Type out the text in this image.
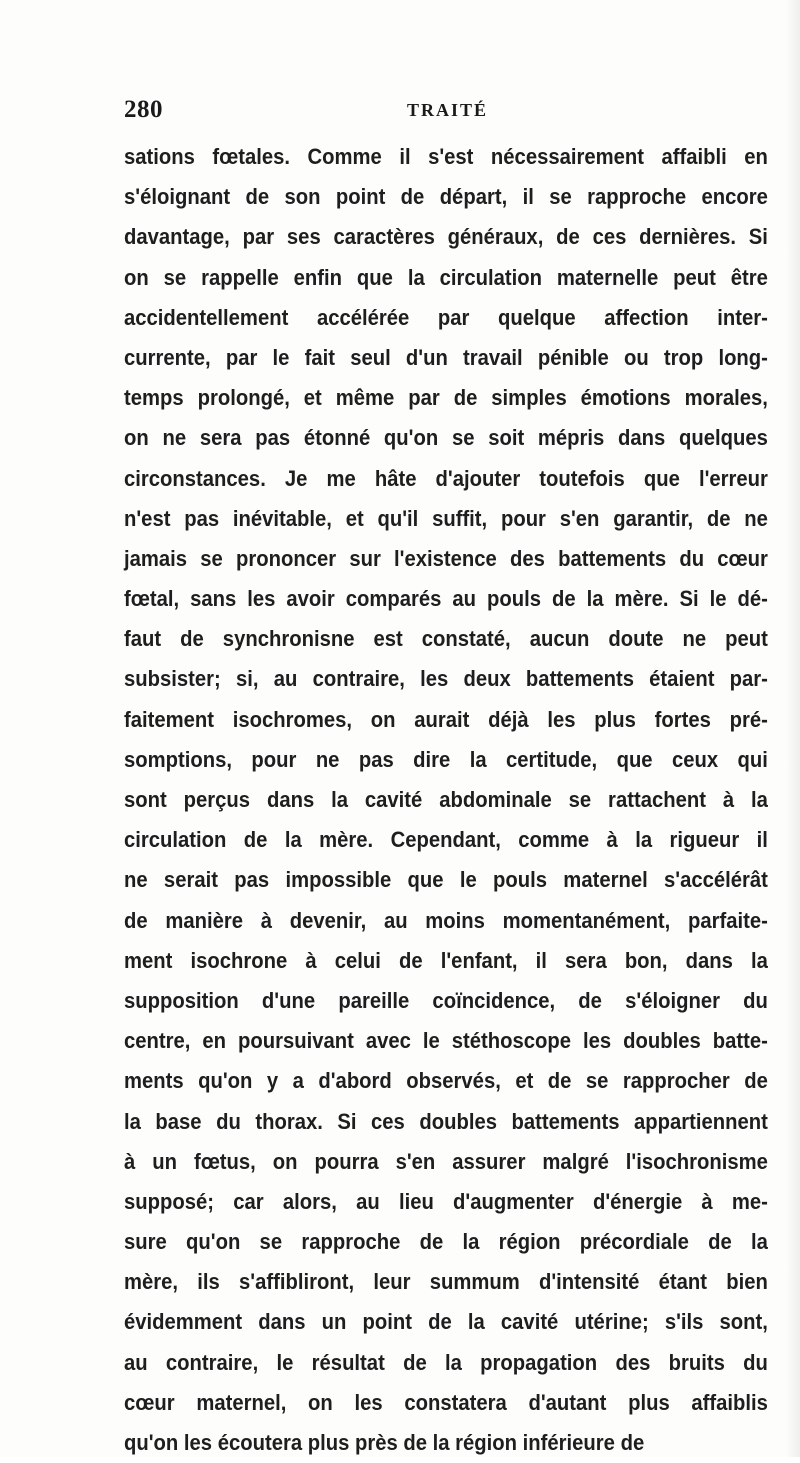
280	TRAITÉ
sations fœtales. Comme il s'est nécessairement affaibli en
s'éloignant de son point de départ, il se rapproche encore
davantage, par ses caractères généraux, de ces dernières. Si
on se rappelle enfin que la circulation maternelle peut être
accidentellement accélérée par quelque affection inter-
currente, par le fait seul d'un travail pénible ou trop long-
temps prolongé, et même par de simples émotions morales,
on ne sera pas étonné qu'on se soit mépris dans quelques
circonstances. Je me hâte d'ajouter toutefois que l'erreur
n'est pas inévitable, et qu'il suffit, pour s'en garantir, de ne
jamais se prononcer sur l'existence des battements du cœur
fœtal, sans les avoir comparés au pouls de la mère. Si le dé-
faut de synchronisne est constaté, aucun doute ne peut
subsister; si, au contraire, les deux battements étaient par-
faitement isochromes, on aurait déjà les plus fortes pré-
somptions, pour ne pas dire la certitude, que ceux qui
sont perçus dans la cavité abdominale se rattachent à la
circulation de la mère. Cependant, comme à la rigueur il
ne serait pas impossible que le pouls maternel s'accélérât
de manière à devenir, au moins momentanément, parfaite-
ment isochrone à celui de l'enfant, il sera bon, dans la
supposition d'une pareille coïncidence, de s'éloigner du
centre, en poursuivant avec le stéthoscope les doubles batte-
ments qu'on y a d'abord observés, et de se rapprocher de
la base du thorax. Si ces doubles battements appartiennent
à un fœtus, on pourra s'en assurer malgré l'isochronisme
supposé; car alors, au lieu d'augmenter d'énergie à me-
sure qu'on se rapproche de la région précordiale de la
mère, ils s'affibliront, leur summum d'intensité étant bien
évidemment dans un point de la cavité utérine; s'ils sont,
au contraire, le résultat de la propagation des bruits du
cœur maternel, on les constatera d'autant plus affaiblis
qu'on les écoutera plus près de la région inférieure de
